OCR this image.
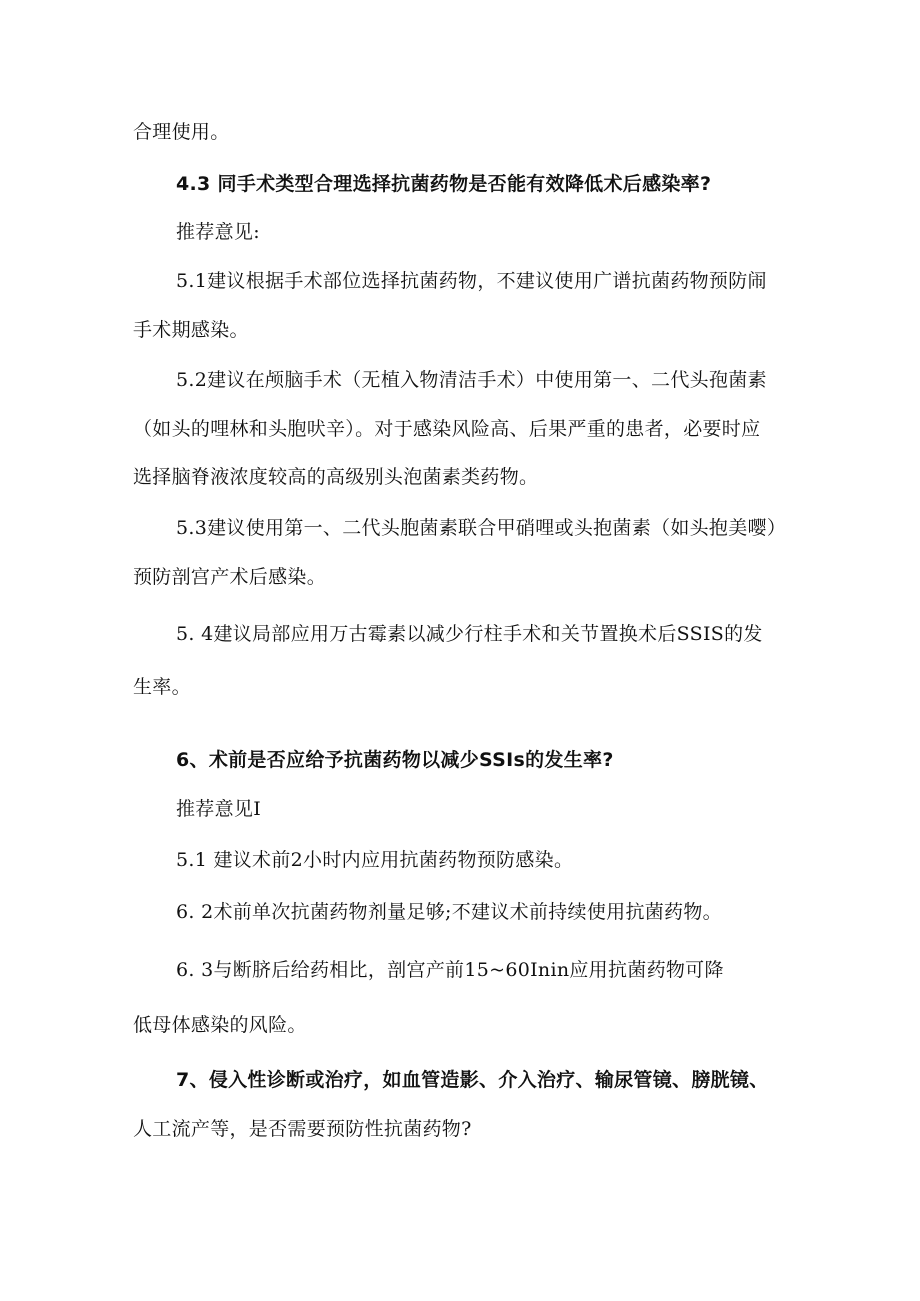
合理使用。
4.3 同手术类型合理选择抗菌药物是否能有效降低术后感染率?
推荐意见:
5.1建议根据手术部位选择抗菌药物，不建议使用广谱抗菌药物预防闹
手术期感染。
5.2建议在颅脑手术（无植入物清洁手术）中使用第一、二代头孢菌素
（如头的哩林和头胞吠辛）。对于感染风险高、后果严重的患者，必要时应
选择脑脊液浓度较高的高级别头泡菌素类药物。
5.3建议使用第一、二代头胞菌素联合甲硝哩或头抱菌素（如头抱美嘤）
预防剖宫产术后感染。
5. 4建议局部应用万古霉素以减少行柱手术和关节置换术后SSIS的发
生率。
6、术前是否应给予抗菌药物以减少SSIs的发生率?
推荐意见I
5.1 建议术前2小时内应用抗菌药物预防感染。
6. 2术前单次抗菌药物剂量足够;不建议术前持续使用抗菌药物。
6. 3与断脐后给药相比，剖宫产前15~60Inin应用抗菌药物可降
低母体感染的风险。
7、侵入性诊断或治疗，如血管造影、介入治疗、输尿管镜、膀胱镜、
人工流产等，是否需要预防性抗菌药物?
